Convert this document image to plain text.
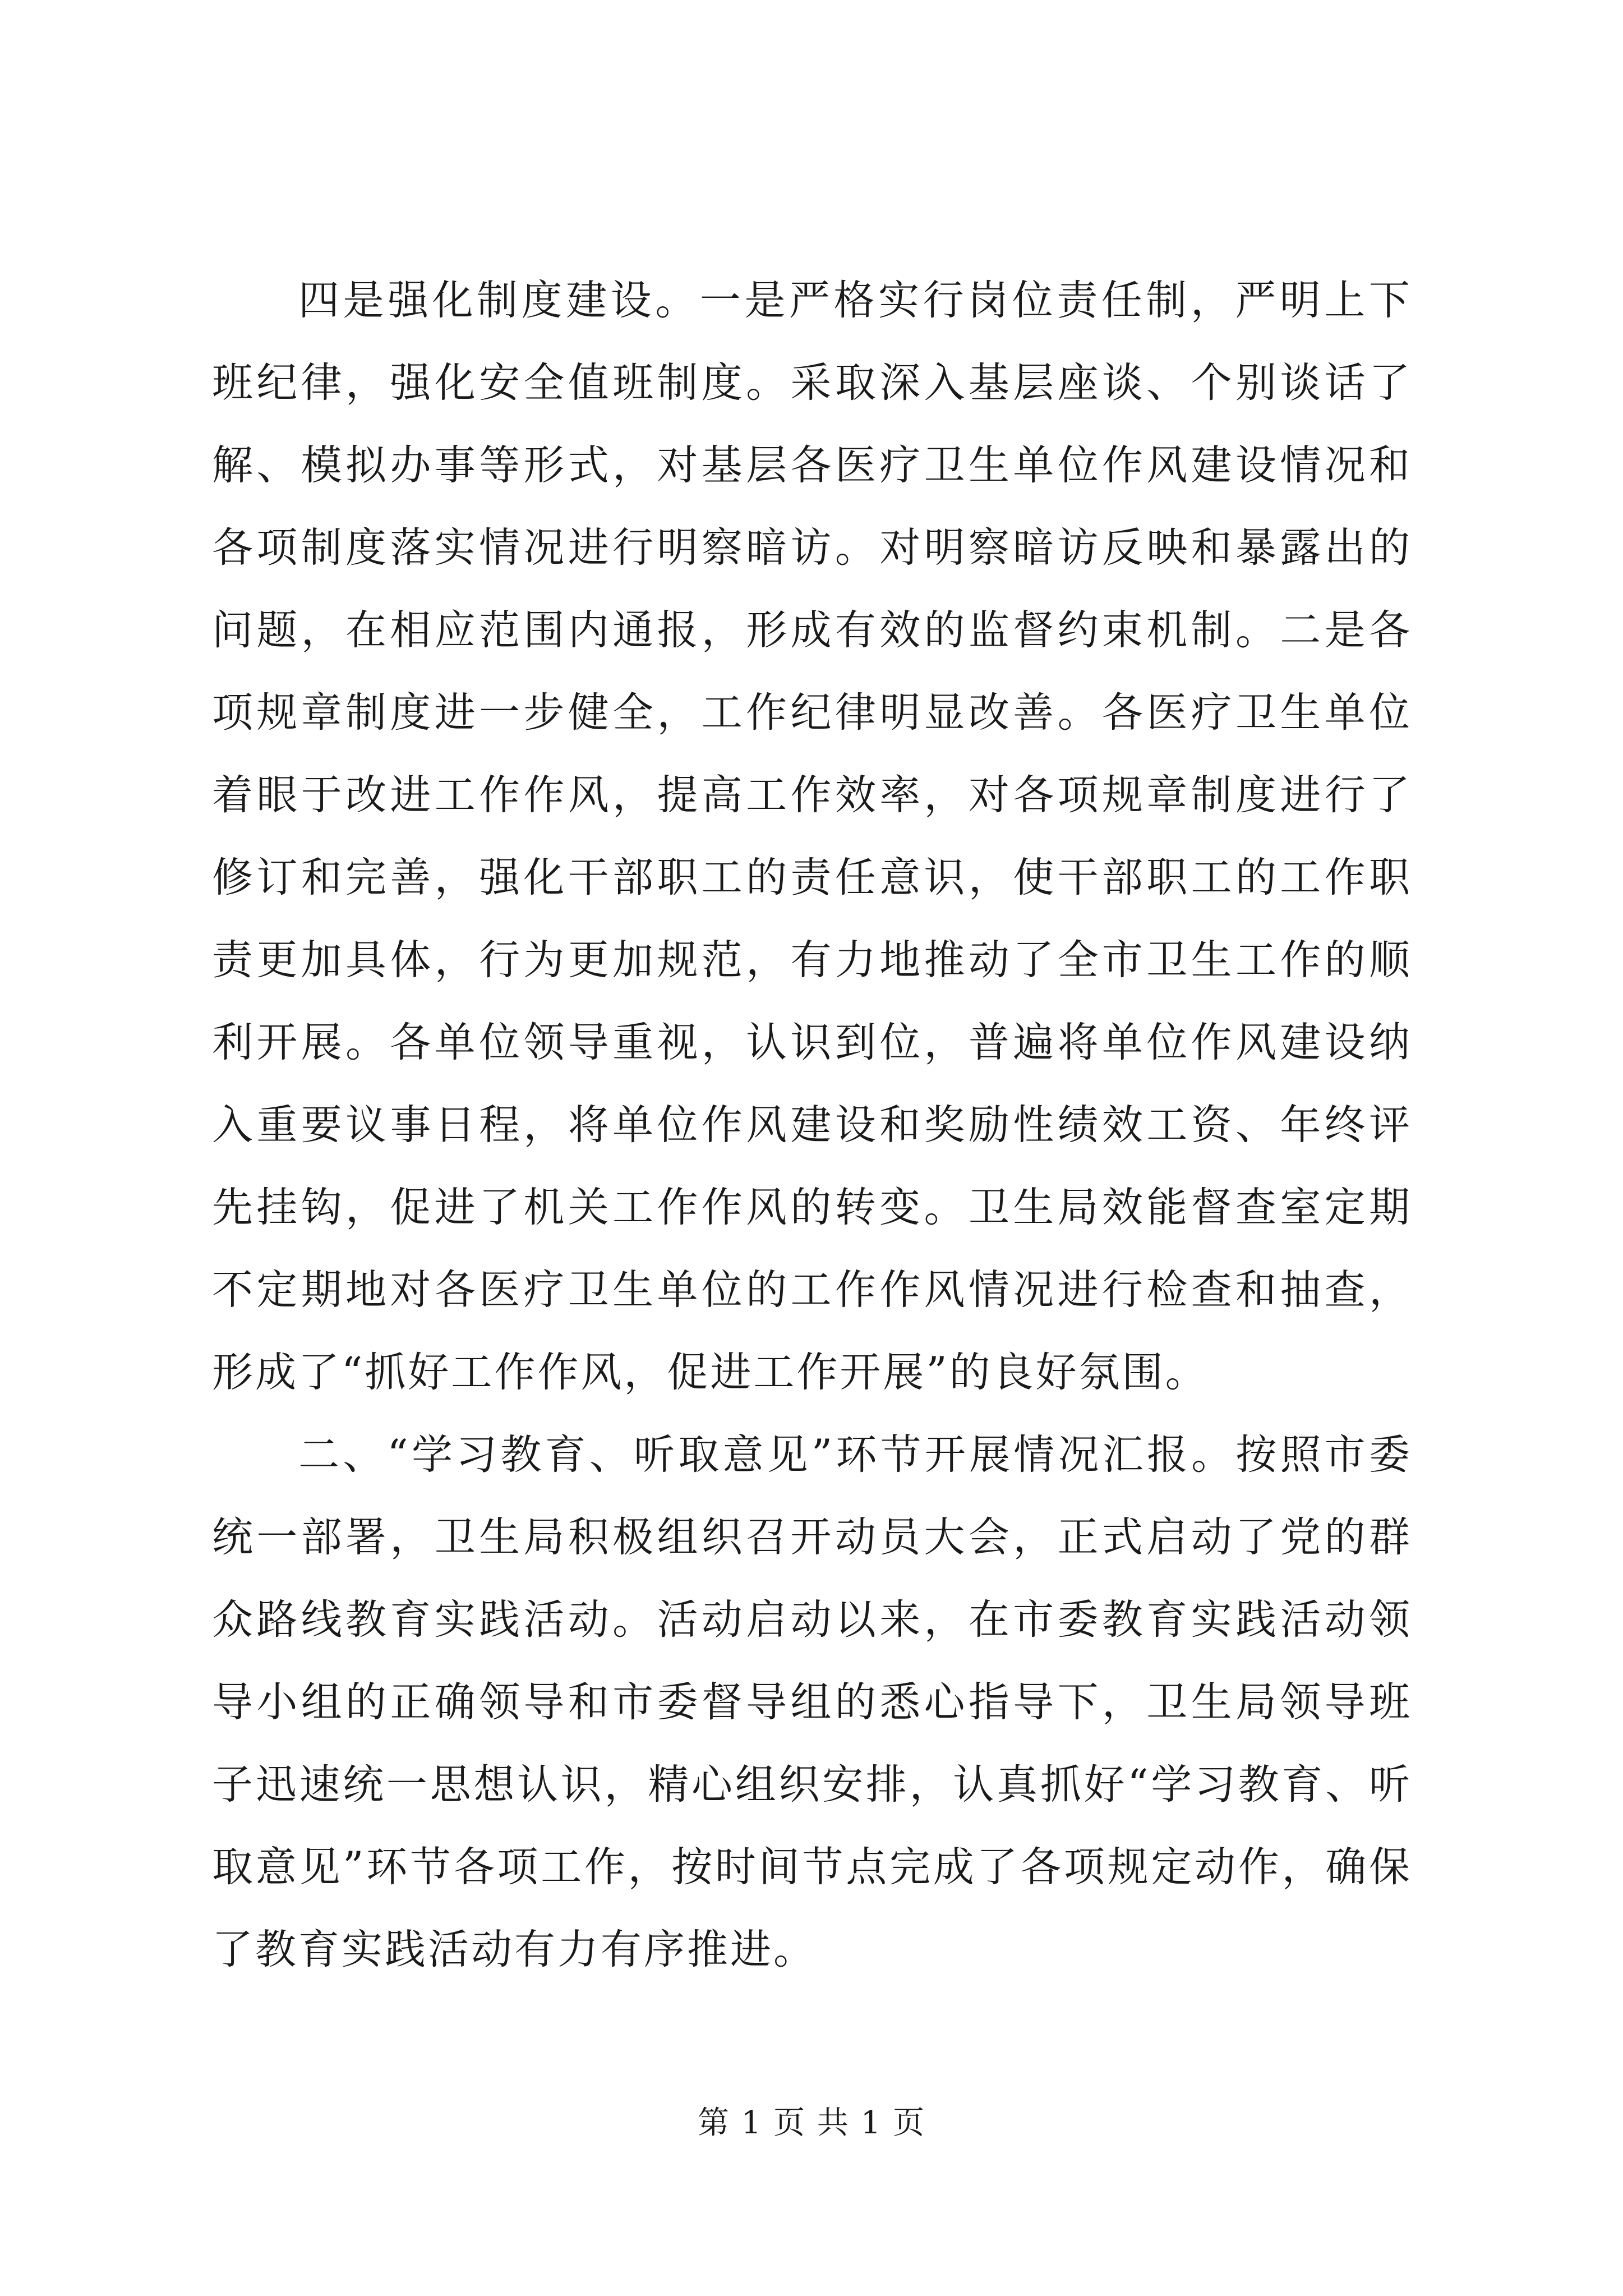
四是强化制度建设。一是严格实行岗位责任制，严明上下班纪律，强化安全值班制度。采取深入基层座谈、个别谈话了解、模拟办事等形式，对基层各医疗卫生单位作风建设情况和各项制度落实情况进行明察暗访。对明察暗访反映和暴露出的问题，在相应范围内通报，形成有效的监督约束机制。二是各项规章制度进一步健全，工作纪律明显改善。各医疗卫生单位着眼于改进工作作风，提高工作效率，对各项规章制度进行了修订和完善，强化干部职工的责任意识，使干部职工的工作职责更加具体，行为更加规范，有力地推动了全市卫生工作的顺利开展。各单位领导重视，认识到位，普遍将单位作风建设纳入重要议事日程，将单位作风建设和奖励性绩效工资、年终评先挂钩，促进了机关工作作风的转变。卫生局效能督查室定期不定期地对各医疗卫生单位的工作作风情况进行检查和抽查，形成了“抓好工作作风，促进工作开展”的良好氛围。

二、“学习教育、听取意见”环节开展情况汇报。按照市委统一部署，卫生局积极组织召开动员大会，正式启动了党的群众路线教育实践活动。活动启动以来，在市委教育实践活动领导小组的正确领导和市委督导组的悉心指导下，卫生局领导班子迅速统一思想认识，精心组织安排，认真抓好“学习教育、听取意见”环节各项工作，按时间节点完成了各项规定动作，确保了教育实践活动有力有序推进。

第 1 页 共 1 页
